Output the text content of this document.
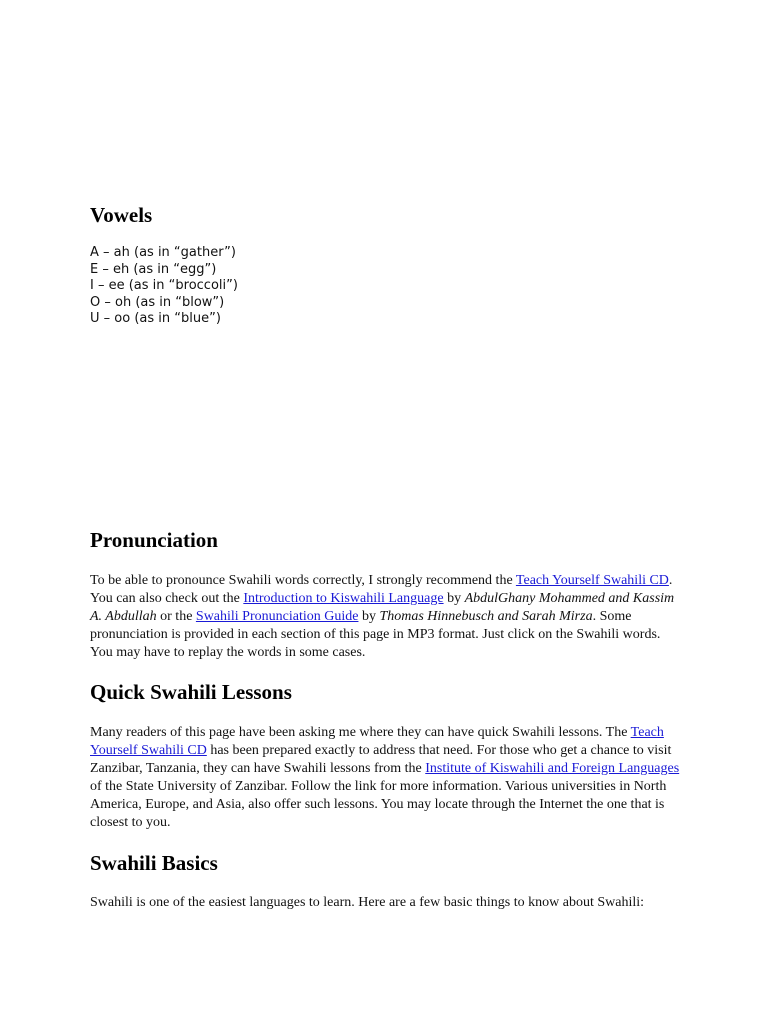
Vowels
A – ah (as in “gather”)
E – eh (as in “egg”)
I – ee (as in “broccoli”)
O – oh (as in “blow”)
U – oo (as in “blue”)
Pronunciation

To be able to pronounce Swahili words correctly, I strongly recommend the Teach Yourself Swahili CD. You can also check out the Introduction to Kiswahili Language by AbdulGhany Mohammed and Kassim A. Abdullah or the Swahili Pronunciation Guide by Thomas Hinnebusch and Sarah Mirza. Some pronunciation is provided in each section of this page in MP3 format. Just click on the Swahili words. You may have to replay the words in some cases.

Quick Swahili Lessons

Many readers of this page have been asking me where they can have quick Swahili lessons. The Teach Yourself Swahili CD has been prepared exactly to address that need. For those who get a chance to visit Zanzibar, Tanzania, they can have Swahili lessons from the Institute of Kiswahili and Foreign Languages of the State University of Zanzibar. Follow the link for more information. Various universities in North America, Europe, and Asia, also offer such lessons. You may locate through the Internet the one that is closest to you.

Swahili Basics

Swahili is one of the easiest languages to learn. Here are a few basic things to know about Swahili:
